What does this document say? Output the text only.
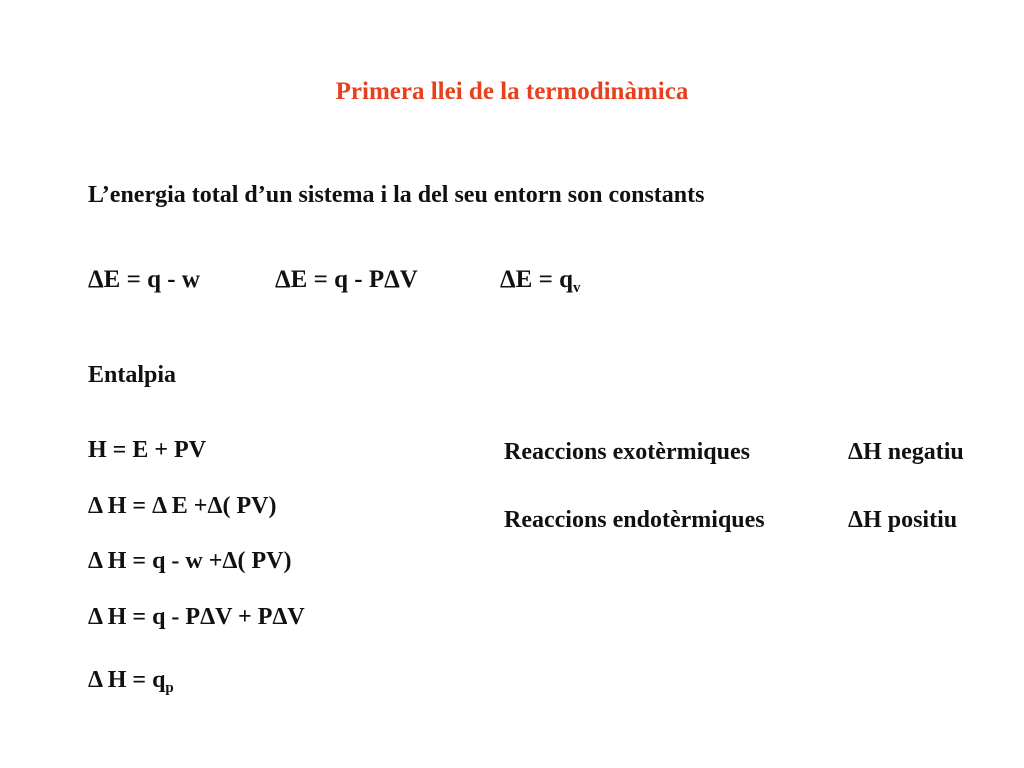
Primera llei de la termodinàmica
L’energia total d’un sistema i la del seu entorn son constants
ΔE = q - w	ΔE = q - PΔV	$\Delta E = q_v$
Entalpia
H = E + PV
Δ H = Δ E +Δ( PV)
Δ H = q - w +Δ( PV)
Δ H = q - PΔV + PΔV
Δ $H = q_p$
Reaccions exotèrmiques	ΔH negatiu
Reaccions endotèrmiques	ΔH positiu
